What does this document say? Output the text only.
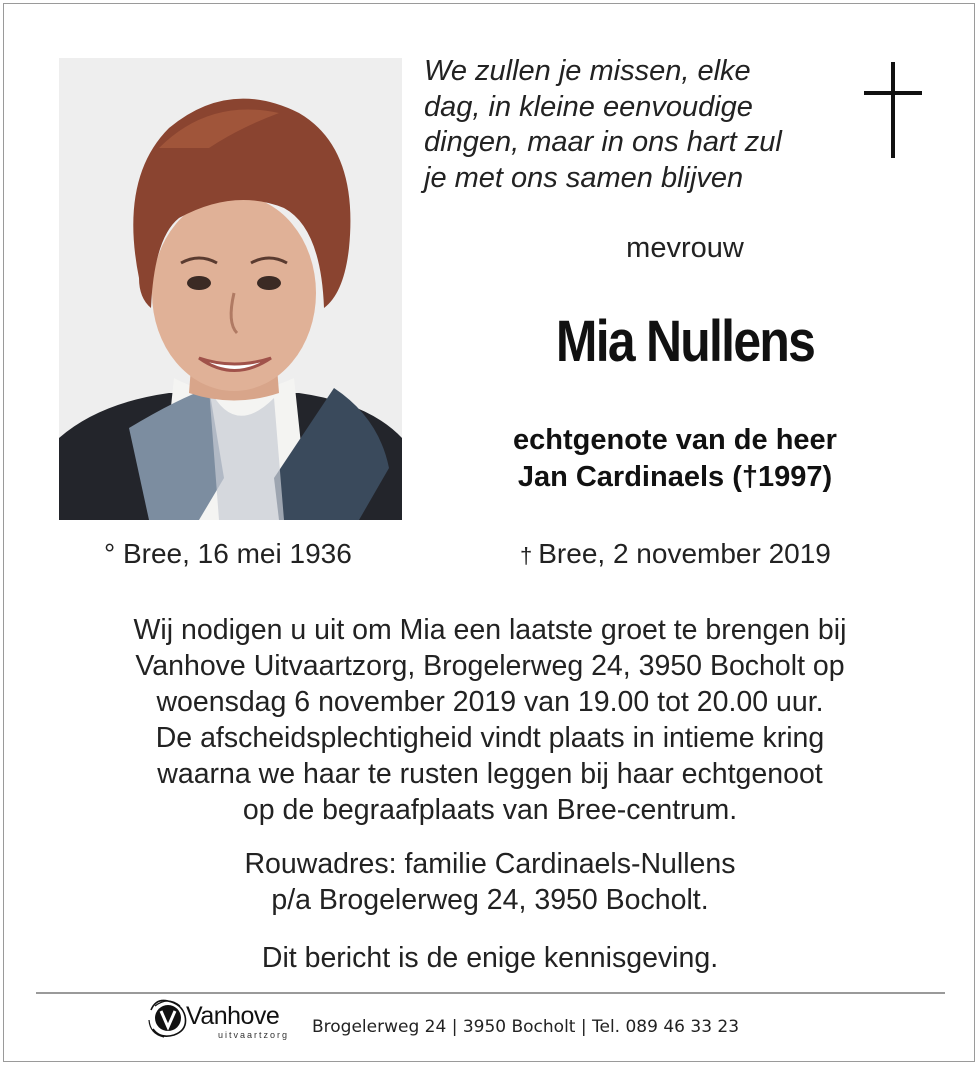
We zullen je missen, elke
dag, in kleine eenvoudige
dingen, maar in ons hart zul
je met ons samen blijven
mevrouw
Mia Nullens
echtgenote van de heer
Jan Cardinaels (†1997)
° Bree, 16 mei 1936	† Bree, 2 november 2019
Wij nodigen u uit om Mia een laatste groet te brengen bij
Vanhove Uitvaartzorg, Brogelerweg 24, 3950 Bocholt op
woensdag 6 november 2019 van 19.00 tot 20.00 uur.
De afscheidsplechtigheid vindt plaats in intieme kring
waarna we haar te rusten leggen bij haar echtgenoot
op de begraafplaats van Bree-centrum.
Rouwadres: familie Cardinaels-Nullens
p/a Brogelerweg 24, 3950 Bocholt.
Dit bericht is de enige kennisgeving.
Vanhove
uitvaartzorg Brogelerweg 24 | 3950 Bocholt | Tel. 089 46 33 23
